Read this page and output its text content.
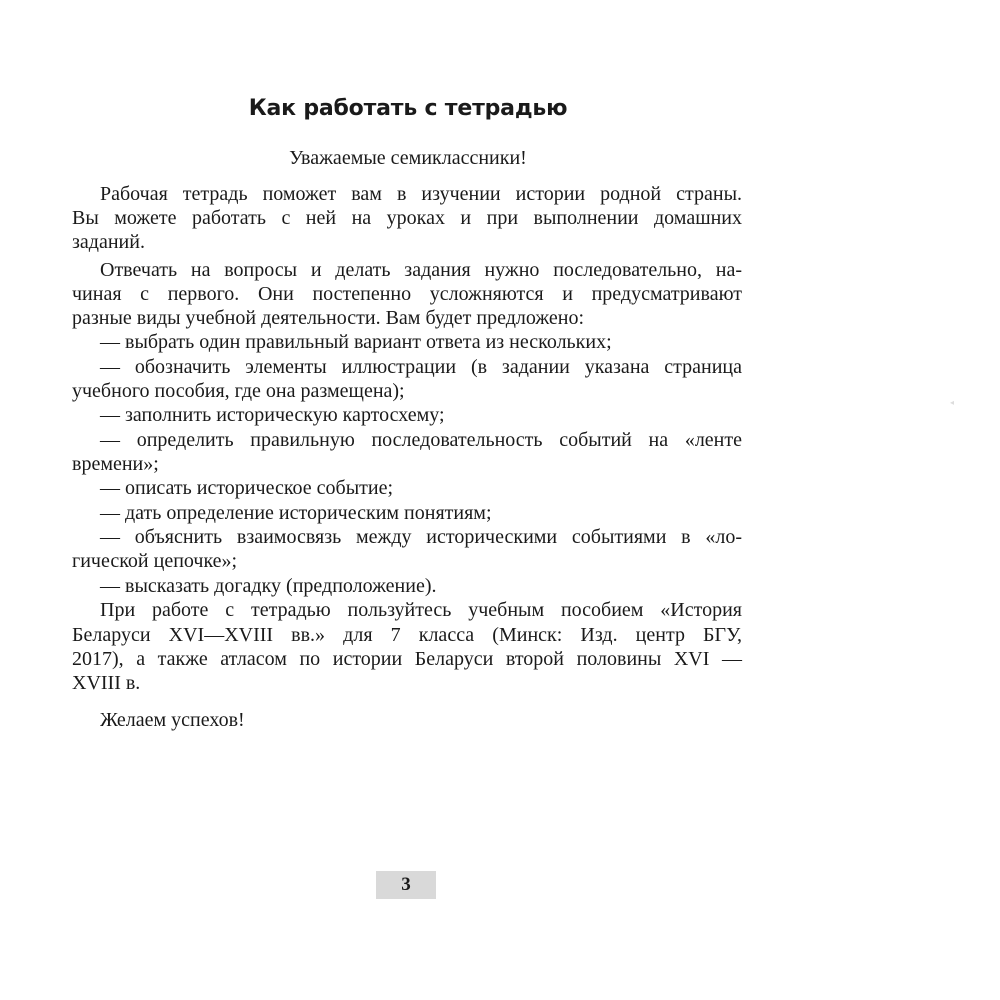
Как работать с тетрадью
Уважаемые семиклассники!
Рабочая тетрадь поможет вам в изучении истории родной страны.
Вы можете работать с ней на уроках и при выполнении домашних
заданий.
Отвечать на вопросы и делать задания нужно последовательно, на-
чиная с первого. Они постепенно усложняются и предусматривают
разные виды учебной деятельности. Вам будет предложено:
— выбрать один правильный вариант ответа из нескольких;
— обозначить элементы иллюстрации (в задании указана страница
учебного пособия, где она размещена);
— заполнить историческую картосхему;
— определить правильную последовательность событий на «ленте
времени»;
— описать историческое событие;
— дать определение историческим понятиям;
— объяснить взаимосвязь между историческими событиями в «ло-
гической цепочке»;
— высказать догадку (предположение).
При работе с тетрадью пользуйтесь учебным пособием «История
Беларуси XVI—XVIII вв.» для 7 класса (Минск: Изд. центр БГУ,
2017), а также атласом по истории Беларуси второй половины XVI —
XVIII в.
Желаем успехов!
3
◂
